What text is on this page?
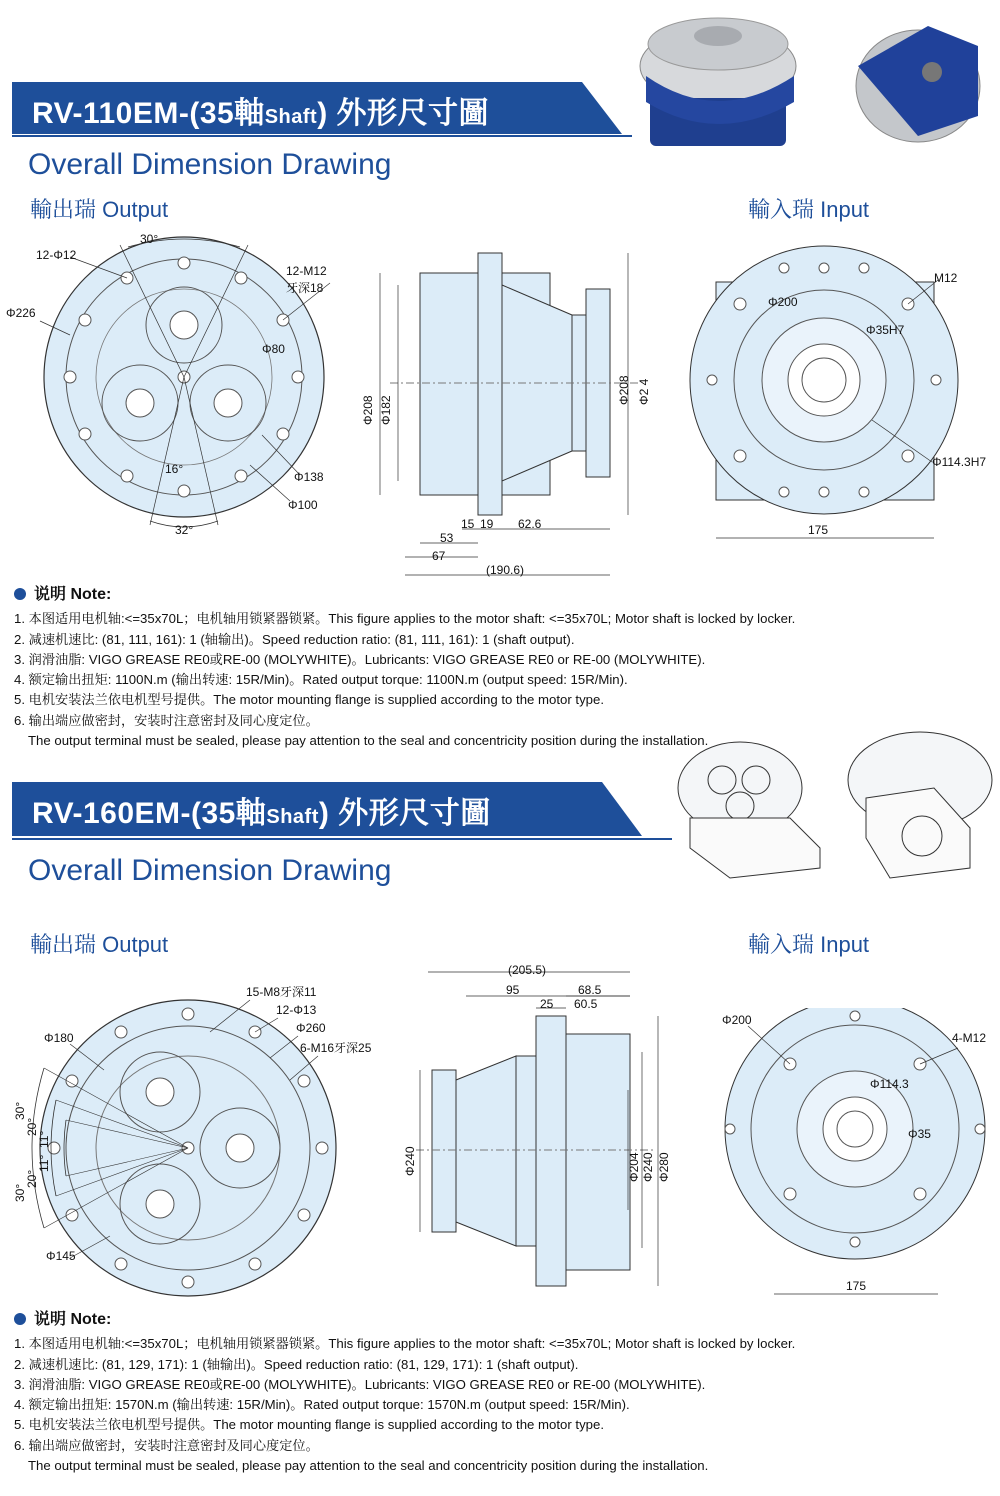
RV-110EM-(35軸Shaft) 外形尺寸圖
Overall Dimension Drawing
輸出瑞 Output	輸入瑞 Input
30°
12-Φ12
12-M12
牙深18
Φ226
Φ80
16°
Φ138
Φ100
32°
Φ208 Φ182
Φ208 Φ2 4
15 19 62.6
53
67
(190.6)
M12
Φ200
Φ35H7
Φ114.3H7
175
说明 Note:
1. 本图适用电机轴:<=35x70L；电机轴用锁紧器锁紧。This figure applies to the motor shaft: <=35x70L; Motor shaft is locked by locker.
2. 减速机速比: (81, 111, 161): 1 (轴输出)。Speed reduction ratio: (81, 111, 161): 1 (shaft output).
3. 润滑油脂: VIGO GREASE RE0或RE-00 (MOLYWHITE)。Lubricants: VIGO GREASE RE0 or RE-00 (MOLYWHITE).
4. 额定输出扭矩: 1100N.m (输出转速: 15R/Min)。Rated output torque: 1100N.m (output speed: 15R/Min).
5. 电机安装法兰依电机型号提供。The motor mounting flange is supplied according to the motor type.
6. 输出端应做密封，安装时注意密封及同心度定位。
The output terminal must be sealed, please pay attention to the seal and concentricity position during the installation.
RV-160EM-(35軸Shaft) 外形尺寸圖
Overall Dimension Drawing
輸出瑞 Output	輸入瑞 Input
15-M8牙深11
12-Φ13
Φ260
6-M16牙深25
Φ180
30°
20°
11°
11°
20°
30°
Φ145
(205.5)
95	68.5
25 60.5
Φ240	Φ204 Φ240 Φ280
Φ200
4-M12
Φ114.3
Φ35
175
说明 Note:
1. 本图适用电机轴:<=35x70L；电机轴用锁紧器锁紧。This figure applies to the motor shaft: <=35x70L; Motor shaft is locked by locker.
2. 减速机速比: (81, 129, 171): 1 (轴输出)。Speed reduction ratio: (81, 129, 171): 1 (shaft output).
3. 润滑油脂: VIGO GREASE RE0或RE-00 (MOLYWHITE)。Lubricants: VIGO GREASE RE0 or RE-00 (MOLYWHITE).
4. 额定输出扭矩: 1570N.m (输出转速: 15R/Min)。Rated output torque: 1570N.m (output speed: 15R/Min).
5. 电机安装法兰依电机型号提供。The motor mounting flange is supplied according to the motor type.
6. 输出端应做密封，安装时注意密封及同心度定位。
The output terminal must be sealed, please pay attention to the seal and concentricity position during the installation.
